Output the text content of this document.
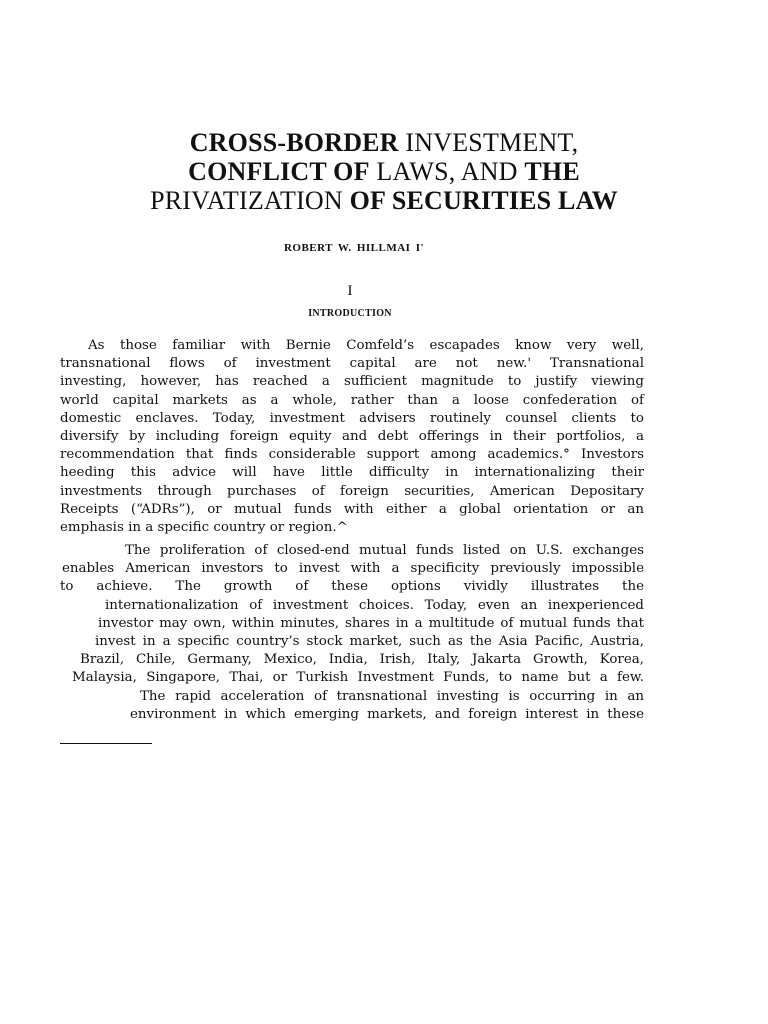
CROSS-BORDER INVESTMENT,
CONFLICT OF LAWS, AND THE
PRIVATIZATION OF SECURITIES LAW
ROBERT W. HILLMAI I'
I
INTRODUCTION
As those familiar with Bernie Comfeld’s escapades know very well,
transnational flows of investment capital are not new.' Transnational
investing, however, has reached a sufficient magnitude to justify viewing
world capital markets as a whole, rather than a loose confederation of
domestic enclaves. Today, investment advisers routinely counsel clients to
diversify by including foreign equity and debt offerings in their portfolios, a
recommendation that finds considerable support among academics.° Investors
heeding this advice will have little difficulty in internationalizing their
investments through purchases of foreign securities, American Depositary
Receipts (“ADRs”), or mutual funds with either a global orientation or an
emphasis in a specific country or region.^
The proliferation of closed-end mutual funds listed on U.S. exchanges
enables American investors to invest with a specificity previously impossible
to achieve. The growth of these options vividly illustrates the
internationalization of investment choices. Today, even an inexperienced
investor may own, within minutes, shares in a multitude of mutual funds that
invest in a specific country’s stock market, such as the Asia Pacific, Austria,
Brazil, Chile, Germany, Mexico, India, Irish, Italy, Jakarta Growth, Korea,
Malaysia, Singapore, Thai, or Turkish Investment Funds, to name but a few.
The rapid acceleration of transnational investing is occurring in an
environment in which emerging markets, and foreign interest in these
